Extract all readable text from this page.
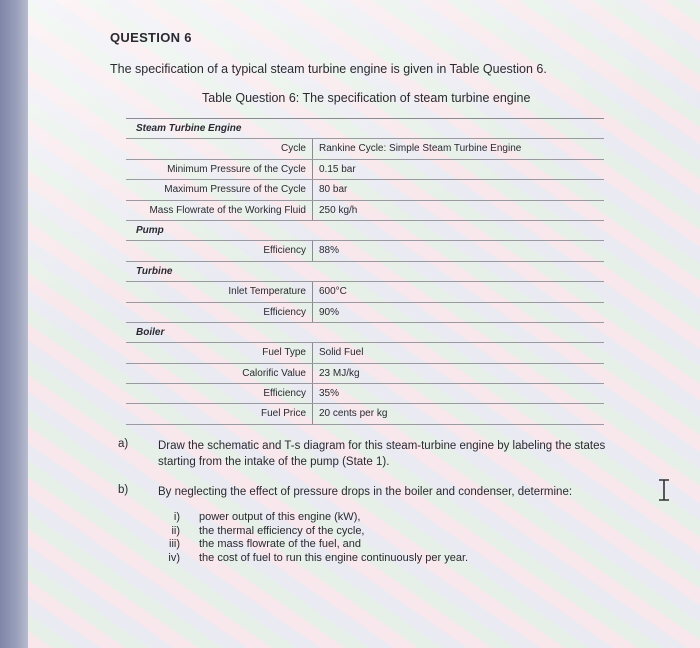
QUESTION 6
The specification of a typical steam turbine engine is given in Table Question 6.
Table Question 6: The specification of steam turbine engine
Steam Turbine Engine
Cycle	Rankine Cycle: Simple Steam Turbine Engine
Minimum Pressure of the Cycle	0.15 bar
Maximum Pressure of the Cycle	80 bar
Mass Flowrate of the Working Fluid	250 kg/h
Pump
Efficiency	88%
Turbine
Inlet Temperature	600°C
Efficiency	90%
Boiler
Fuel Type	Solid Fuel
Calorific Value	23 MJ/kg
Efficiency	35%
Fuel Price	20 cents per kg
a)	Draw the schematic and T-s diagram for this steam-turbine engine by labeling the states starting from the intake of the pump (State 1).
b)	By neglecting the effect of pressure drops in the boiler and condenser, determine:
i) power output of this engine (kW),
ii) the thermal efficiency of the cycle,
iii) the mass flowrate of the fuel, and
iv) the cost of fuel to run this engine continuously per year.
